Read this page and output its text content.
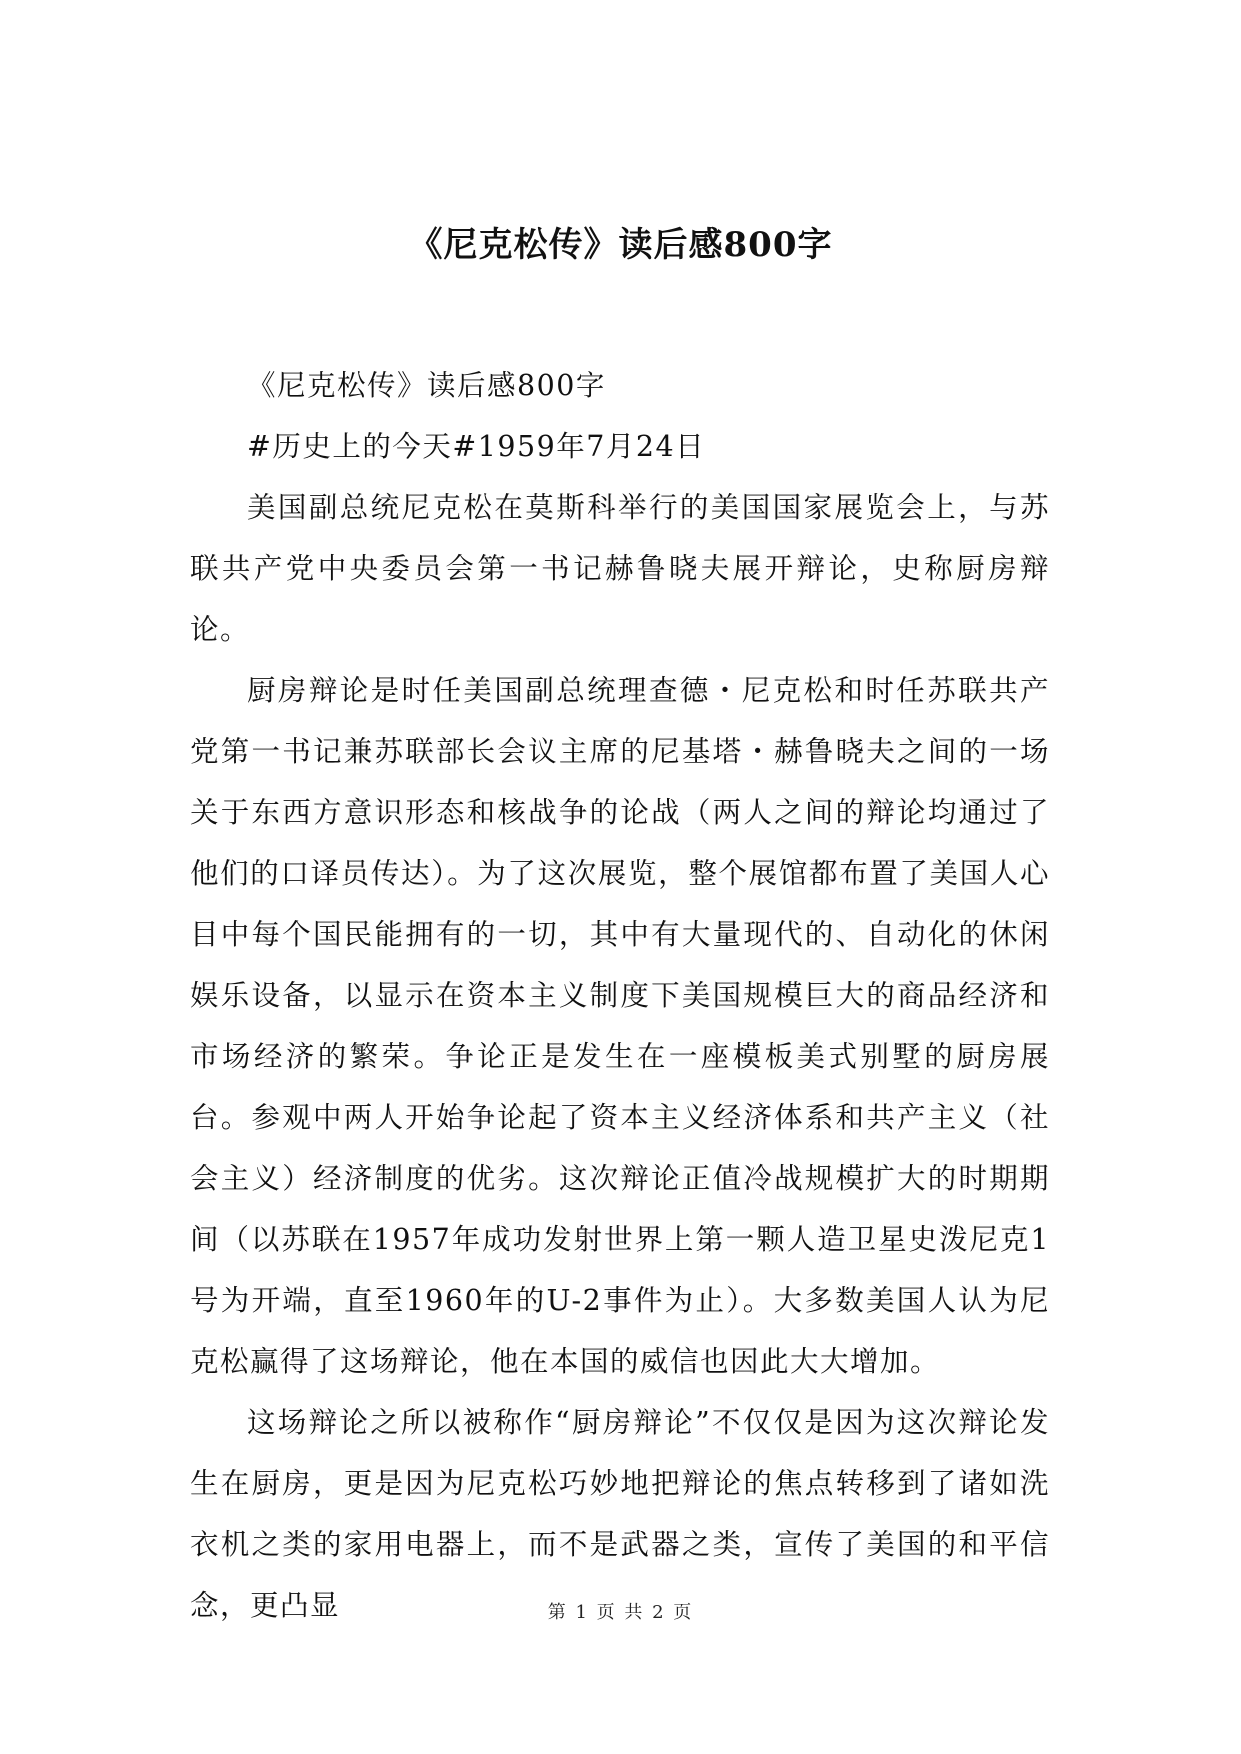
《尼克松传》读后感800字

《尼克松传》读后感800字

#历史上的今天#1959年7月24日

美国副总统尼克松在莫斯科举行的美国国家展览会上，与苏联共产党中央委员会第一书记赫鲁晓夫展开辩论，史称厨房辩论。

厨房辩论是时任美国副总统理查德・尼克松和时任苏联共产党第一书记兼苏联部长会议主席的尼基塔・赫鲁晓夫之间的一场关于东西方意识形态和核战争的论战（两人之间的辩论均通过了他们的口译员传达）。为了这次展览，整个展馆都布置了美国人心目中每个国民能拥有的一切，其中有大量现代的、自动化的休闲娱乐设备，以显示在资本主义制度下美国规模巨大的商品经济和市场经济的繁荣。争论正是发生在一座模板美式别墅的厨房展台。参观中两人开始争论起了资本主义经济体系和共产主义（社会主义）经济制度的优劣。这次辩论正值冷战规模扩大的时期期间（以苏联在1957年成功发射世界上第一颗人造卫星史泼尼克1号为开端，直至1960年的U-2事件为止）。大多数美国人认为尼克松赢得了这场辩论，他在本国的威信也因此大大增加。

这场辩论之所以被称作“厨房辩论”不仅仅是因为这次辩论发生在厨房，更是因为尼克松巧妙地把辩论的焦点转移到了诸如洗衣机之类的家用电器上，而不是武器之类，宣传了美国的和平信念，更凸显	第 1 页 共 2 页
